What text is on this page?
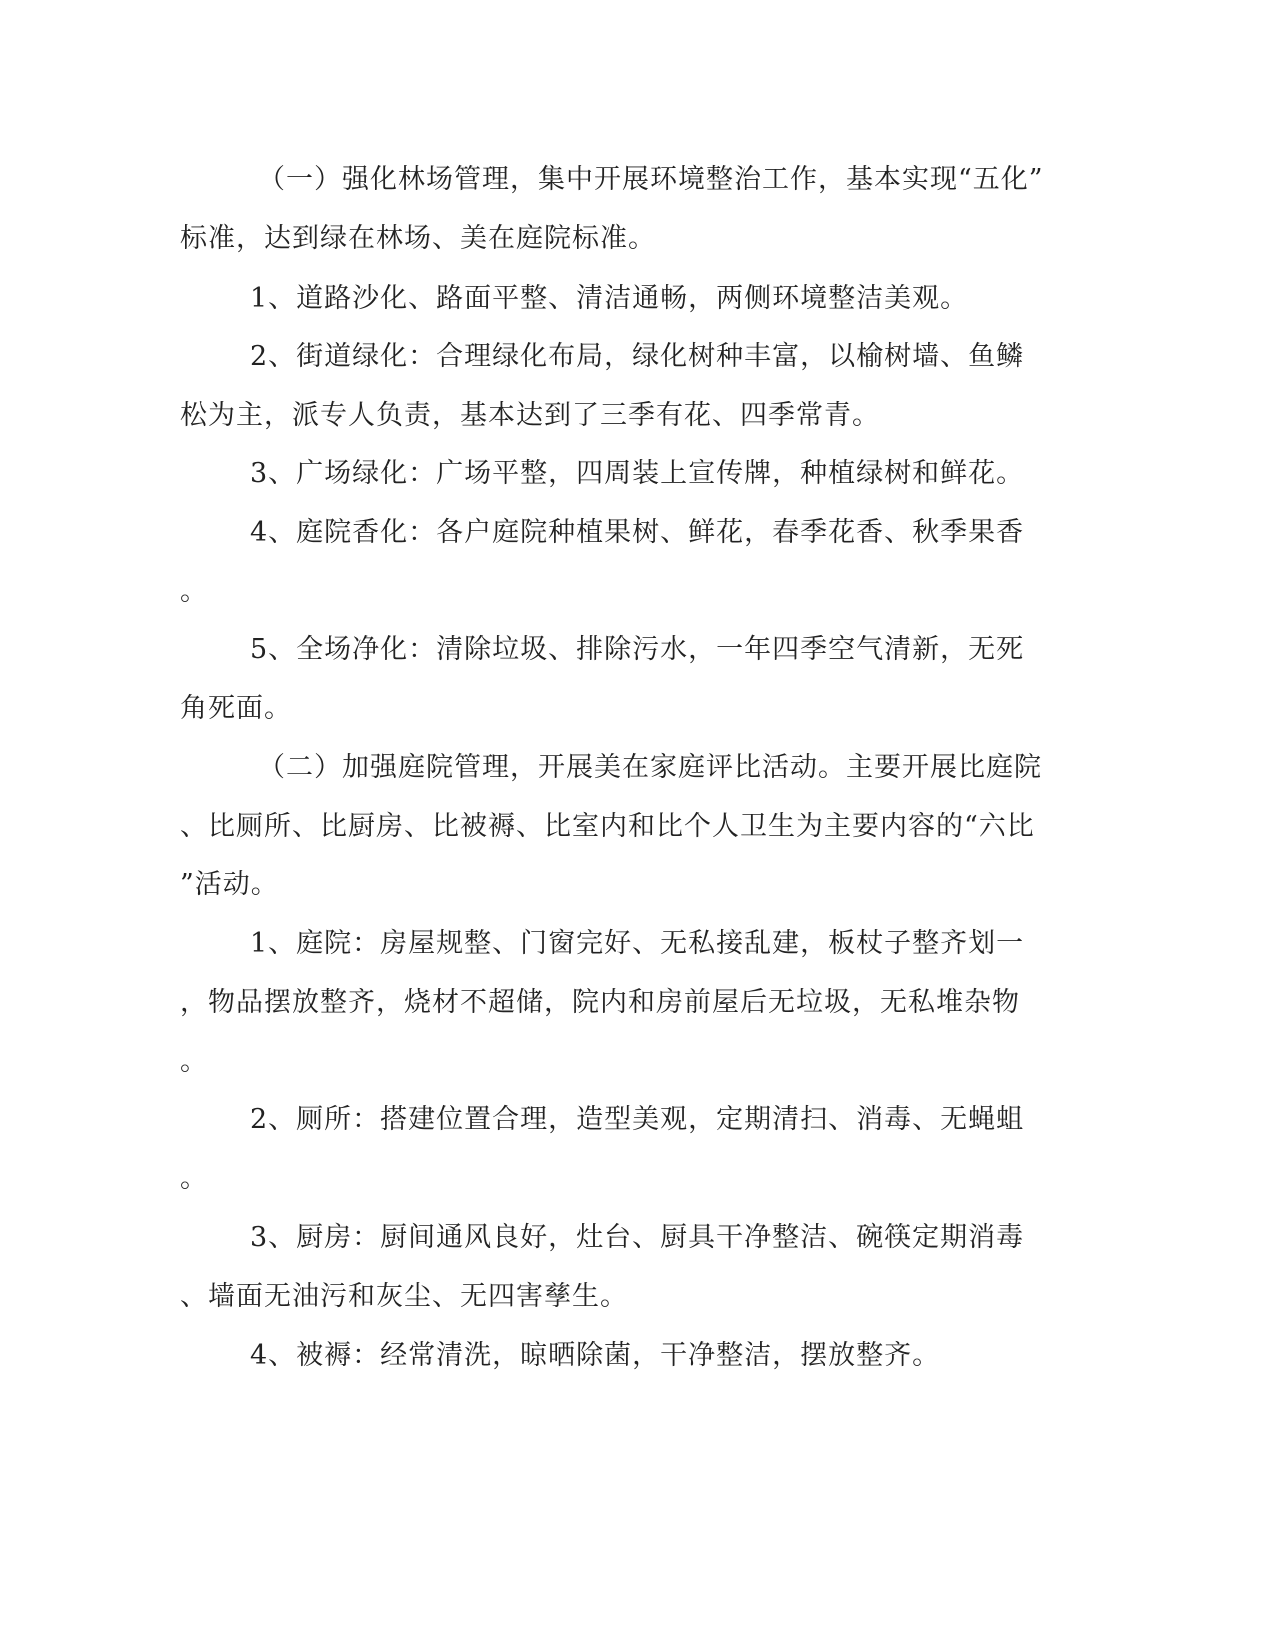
（一）强化林场管理，集中开展环境整治工作，基本实现“五化”
标准，达到绿在林场、美在庭院标准。
1、道路沙化、路面平整、清洁通畅，两侧环境整洁美观。
2、街道绿化：合理绿化布局，绿化树种丰富，以榆树墙、鱼鳞
松为主，派专人负责，基本达到了三季有花、四季常青。
3、广场绿化：广场平整，四周装上宣传牌，种植绿树和鲜花。
4、庭院香化：各户庭院种植果树、鲜花，春季花香、秋季果香
。
5、全场净化：清除垃圾、排除污水，一年四季空气清新，无死
角死面。
（二）加强庭院管理，开展美在家庭评比活动。主要开展比庭院
、比厕所、比厨房、比被褥、比室内和比个人卫生为主要内容的“六比
”活动。
1、庭院：房屋规整、门窗完好、无私接乱建，板杖子整齐划一
，物品摆放整齐，烧材不超储，院内和房前屋后无垃圾，无私堆杂物
。
2、厕所：搭建位置合理，造型美观，定期清扫、消毒、无蝇蛆
。
3、厨房：厨间通风良好，灶台、厨具干净整洁、碗筷定期消毒
、墙面无油污和灰尘、无四害孳生。
4、被褥：经常清洗，晾晒除菌，干净整洁，摆放整齐。
